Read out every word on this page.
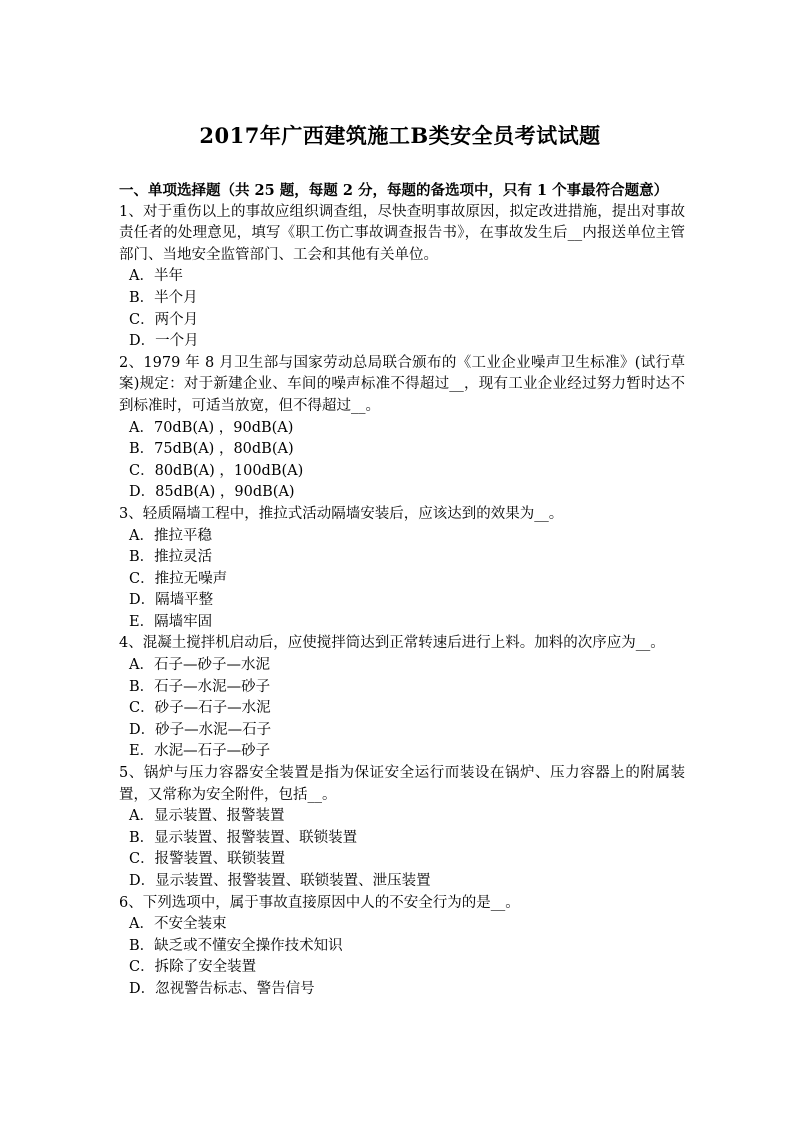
2017年广西建筑施工B类安全员考试试题
一、单项选择题（共 25 题，每题 2 分，每题的备选项中，只有 1 个事最符合题意）
1、对于重伤以上的事故应组织调查组，尽快查明事故原因，拟定改进措施，提出对事故责任者的处理意见，填写《职工伤亡事故调查报告书》，在事故发生后__内报送单位主管部门、当地安全监管部门、工会和其他有关单位。
A．半年
B．半个月
C．两个月
D．一个月
2、1979 年 8 月卫生部与国家劳动总局联合颁布的《工业企业噪声卫生标准》(试行草案)规定：对于新建企业、车间的噪声标准不得超过__，现有工业企业经过努力暂时达不到标准时，可适当放宽，但不得超过__。
A．70dB(A) ，90dB(A)
B．75dB(A) ，80dB(A)
C．80dB(A) ，100dB(A)
D．85dB(A) ，90dB(A)
3、轻质隔墙工程中，推拉式活动隔墙安装后，应该达到的效果为__。
A．推拉平稳
B．推拉灵活
C．推拉无噪声
D．隔墙平整
E．隔墙牢固
4、混凝土搅拌机启动后，应使搅拌筒达到正常转速后进行上料。加料的次序应为__。
A．石子—砂子—水泥
B．石子—水泥—砂子
C．砂子—石子—水泥
D．砂子—水泥—石子
E．水泥—石子—砂子
5、锅炉与压力容器安全装置是指为保证安全运行而装设在锅炉、压力容器上的附属装置，又常称为安全附件，包括__。
A．显示装置、报警装置
B．显示装置、报警装置、联锁装置
C．报警装置、联锁装置
D．显示装置、报警装置、联锁装置、泄压装置
6、下列选项中，属于事故直接原因中人的不安全行为的是__。
A．不安全装束
B．缺乏或不懂安全操作技术知识
C．拆除了安全装置
D．忽视警告标志、警告信号
